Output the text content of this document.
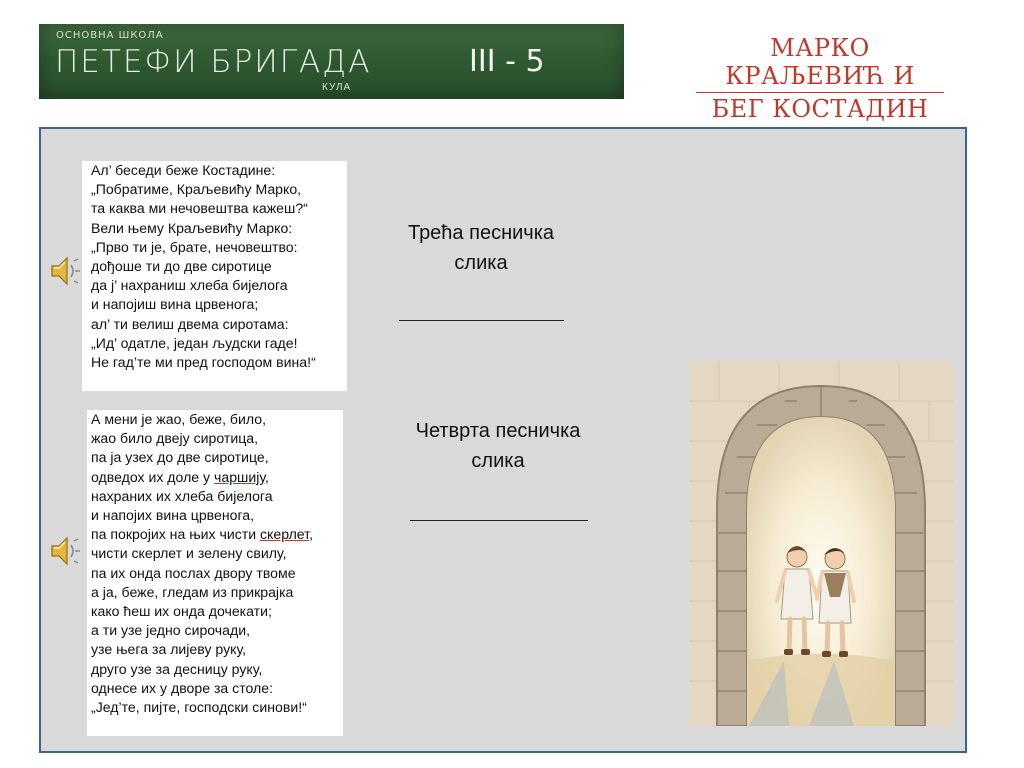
ОСНОВНА ШКОЛА
ПЕТЕФИ БРИГАДА
КУЛА
III - 5	МАРКО КРАЉЕВИЋ И
БЕГ КОСТАДИН
Ал’ беседи беже Костадине:
„Побратиме, Краљевићу Марко,
та каква ми нечовештва кажеш?“
Вели њему Краљевићу Марко:
„Прво ти је, брате, нечовештво:
дођоше ти до две сиротице
да ј’ нахраниш хлеба бијелога
и напојиш вина црвенога;
ал’ ти велиш двема сиротама:
„Ид’ одатле, један људски гаде!
Не гад’те ми пред господом вина!“
Трећа песничка
слика
А мени је жао, беже, било,
жао било двеју сиротица,
па ја узех до две сиротице,
одведох их доле у чаршију,
нахраних их хлеба бијелога
и напојих вина црвенога,
па покројих на њих чисти скерлет,
чисти скерлет и зелену свилу,
па их онда послах двору твоме
а ја, беже, гледам из прикрајка
како ћеш их онда дочекати;
а ти узе једно сирочади,
узе њега за лијеву руку,
друго узе за десницу руку,
однесе их у дворе за столе:
„Јед’те, пијте, господски синови!“
Четврта песничка
слика
